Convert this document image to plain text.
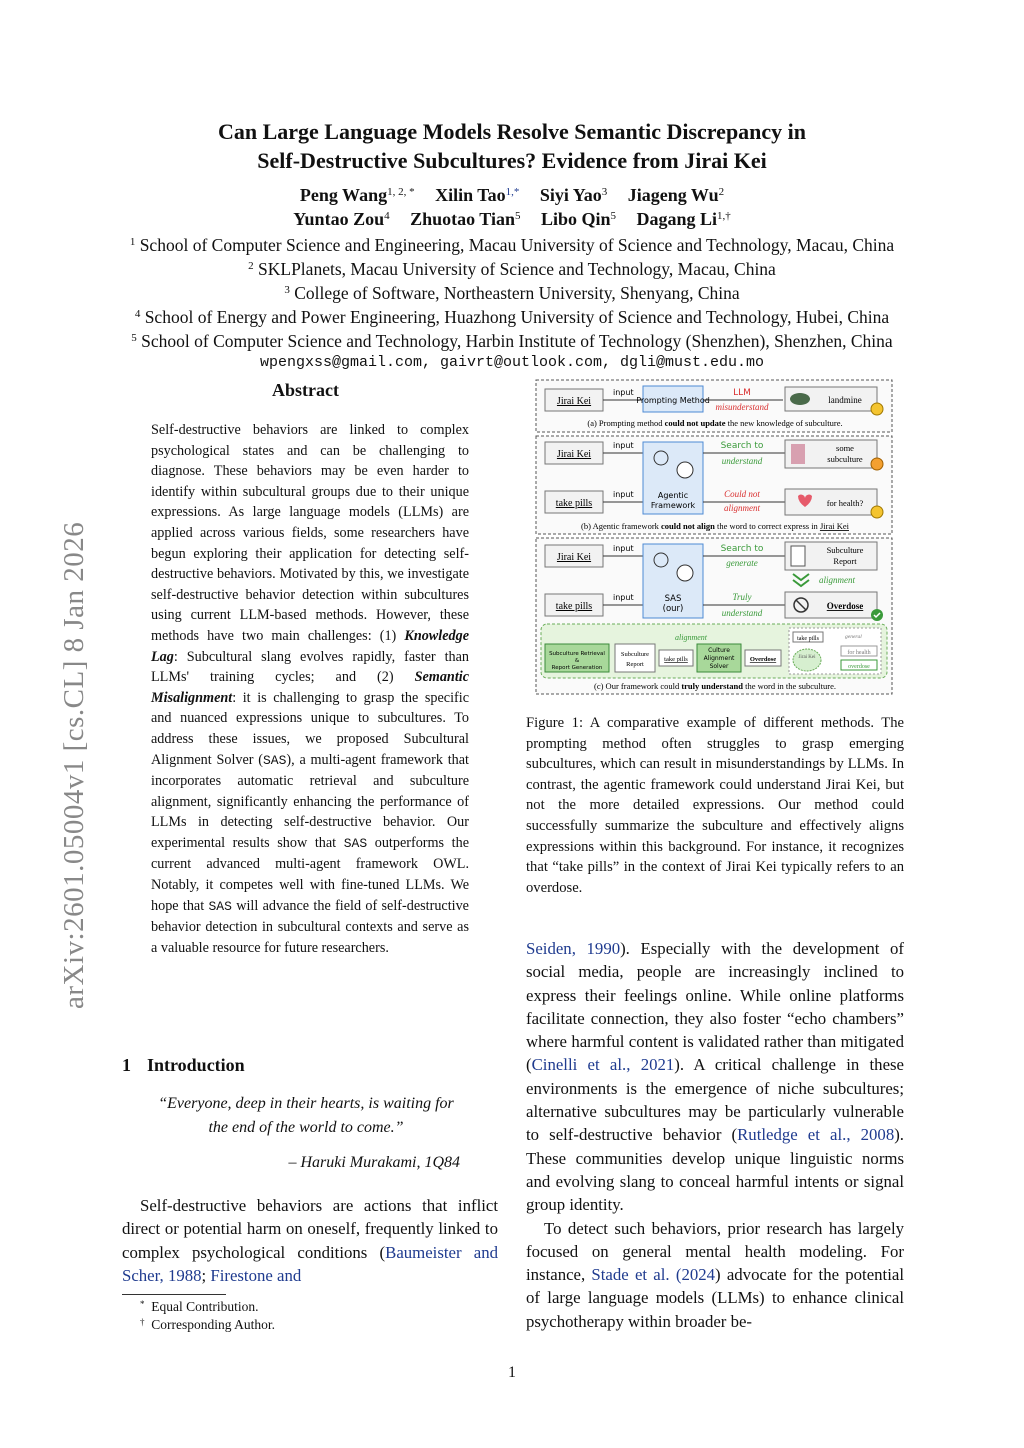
arXiv:2601.05004v1 [cs.CL] 8 Jan 2026
Can Large Language Models Resolve Semantic Discrepancy in
Self-Destructive Subcultures? Evidence from Jirai Kei
Peng Wang$^{1, 2, *}$ Xilin Tao$^{1,*}$ Siyi Yao$^3$ Jiageng Wu$^2$
Yuntao Zou$^4$ Zhuotao Tian$^5$ Libo Qin$^5$ Dagang $Li^{1,\dagger}$
$^1$ School of Computer Science and Engineering, Macau University of Science and Technology, Macau, China
$^2$ SKLPlanets, Macau University of Science and Technology, Macau, China
$^3$ College of Software, Northeastern University, Shenyang, China
$^4$ School of Energy and Power Engineering, Huazhong University of Science and Technology, Hubei, China
$^5$ School of Computer Science and Technology, Harbin Institute of Technology (Shenzhen), Shenzhen, China
wpengxss@gmail.com, gaivrt@outlook.com, dgli@must.edu.mo
Abstract
Self-destructive behaviors are linked to complex psychological states and can be challenging to diagnose. These behaviors may be even harder to identify within subcultural groups due to their unique expressions. As large language models (LLMs) are applied across various fields, some researchers have begun exploring their application for detecting self-destructive behaviors. Motivated by this, we investigate self-destructive behavior detection within subcultures using current LLM-based methods. However, these methods have two main challenges: (1) Knowledge Lag: Subcultural slang evolves rapidly, faster than LLMs' training cycles; and (2) Semantic Misalignment: it is challenging to grasp the specific and nuanced expressions unique to subcultures. To address these issues, we proposed Subcultural Alignment Solver (SAS), a multi-agent framework that incorporates automatic retrieval and subculture alignment, significantly enhancing the performance of LLMs in detecting self-destructive behavior. Our experimental results show that SAS outperforms the current advanced multi-agent framework OWL. Notably, it competes well with fine-tuned LLMs. We hope that SAS will advance the field of self-destructive behavior detection in subcultural contexts and serve as a valuable resource for future researchers.
1 Introduction
“Everyone, deep in their hearts, is waiting for the end of the world to come.”
– Haruki Murakami, 1Q84
Self-destructive behaviors are actions that inflict direct or potential harm on oneself, frequently linked to complex psychological conditions (Baumeister and Scher, 1988; Firestone and
* Equal Contribution.
† Corresponding Author.

Seiden, 1990). Especially with the development of social media, people are increasingly inclined to express their feelings online. While online platforms facilitate connection, they also foster “echo chambers” where harmful content is validated rather than mitigated (Cinelli et al., 2021). A critical challenge in these environments is the emergence of niche subcultures; alternative subcultures may be particularly vulnerable to self-destructive behavior (Rutledge et al., 2008). These communities develop unique linguistic norms and evolving slang to conceal harmful intents or signal group identity.

To detect such behaviors, prior research has largely focused on general mental health modeling. For instance, Stade et al. (2024) advocate for the potential of large language models (LLMs) to enhance clinical psychotherapy within broader be-

Figure 1: A comparative example of different methods. The prompting method often struggles to grasp emerging subcultures, which can result in misunderstandings by LLMs. In contrast, the agentic framework could understand Jirai Kei, but not the more detailed expressions. Our method could successfully summarize the subculture and effectively aligns expressions within this background. For instance, it recognizes that “take pills” in the context of Jirai Kei typically refers to an overdose.
1
Jirai Kei
input
Prompting Method
LLM
misunderstand
landmine
(a) Prompting method could not update the new knowledge of subculture.
Jirai Kei
take pills
input
input	Agentic
Framework
Search to
understand
Could not
alignment
some
subculture
for health?
(b) Agentic framework could not align the word to correct express in Jirai Kei
Jirai Kei
take pills
input
input	SAS
(our)
Search to
generate
Truly
understand
Subculture
Report
alignment
Overdose
alignment
Subculture Retrieval
&
Report Generation
Subculture
Report
take pills
Culture
Alignment
Solver
Overdose
take pills	general
Jirai Kei
for health
overdose
(c) Our framework could truly understand the word in the subculture.
